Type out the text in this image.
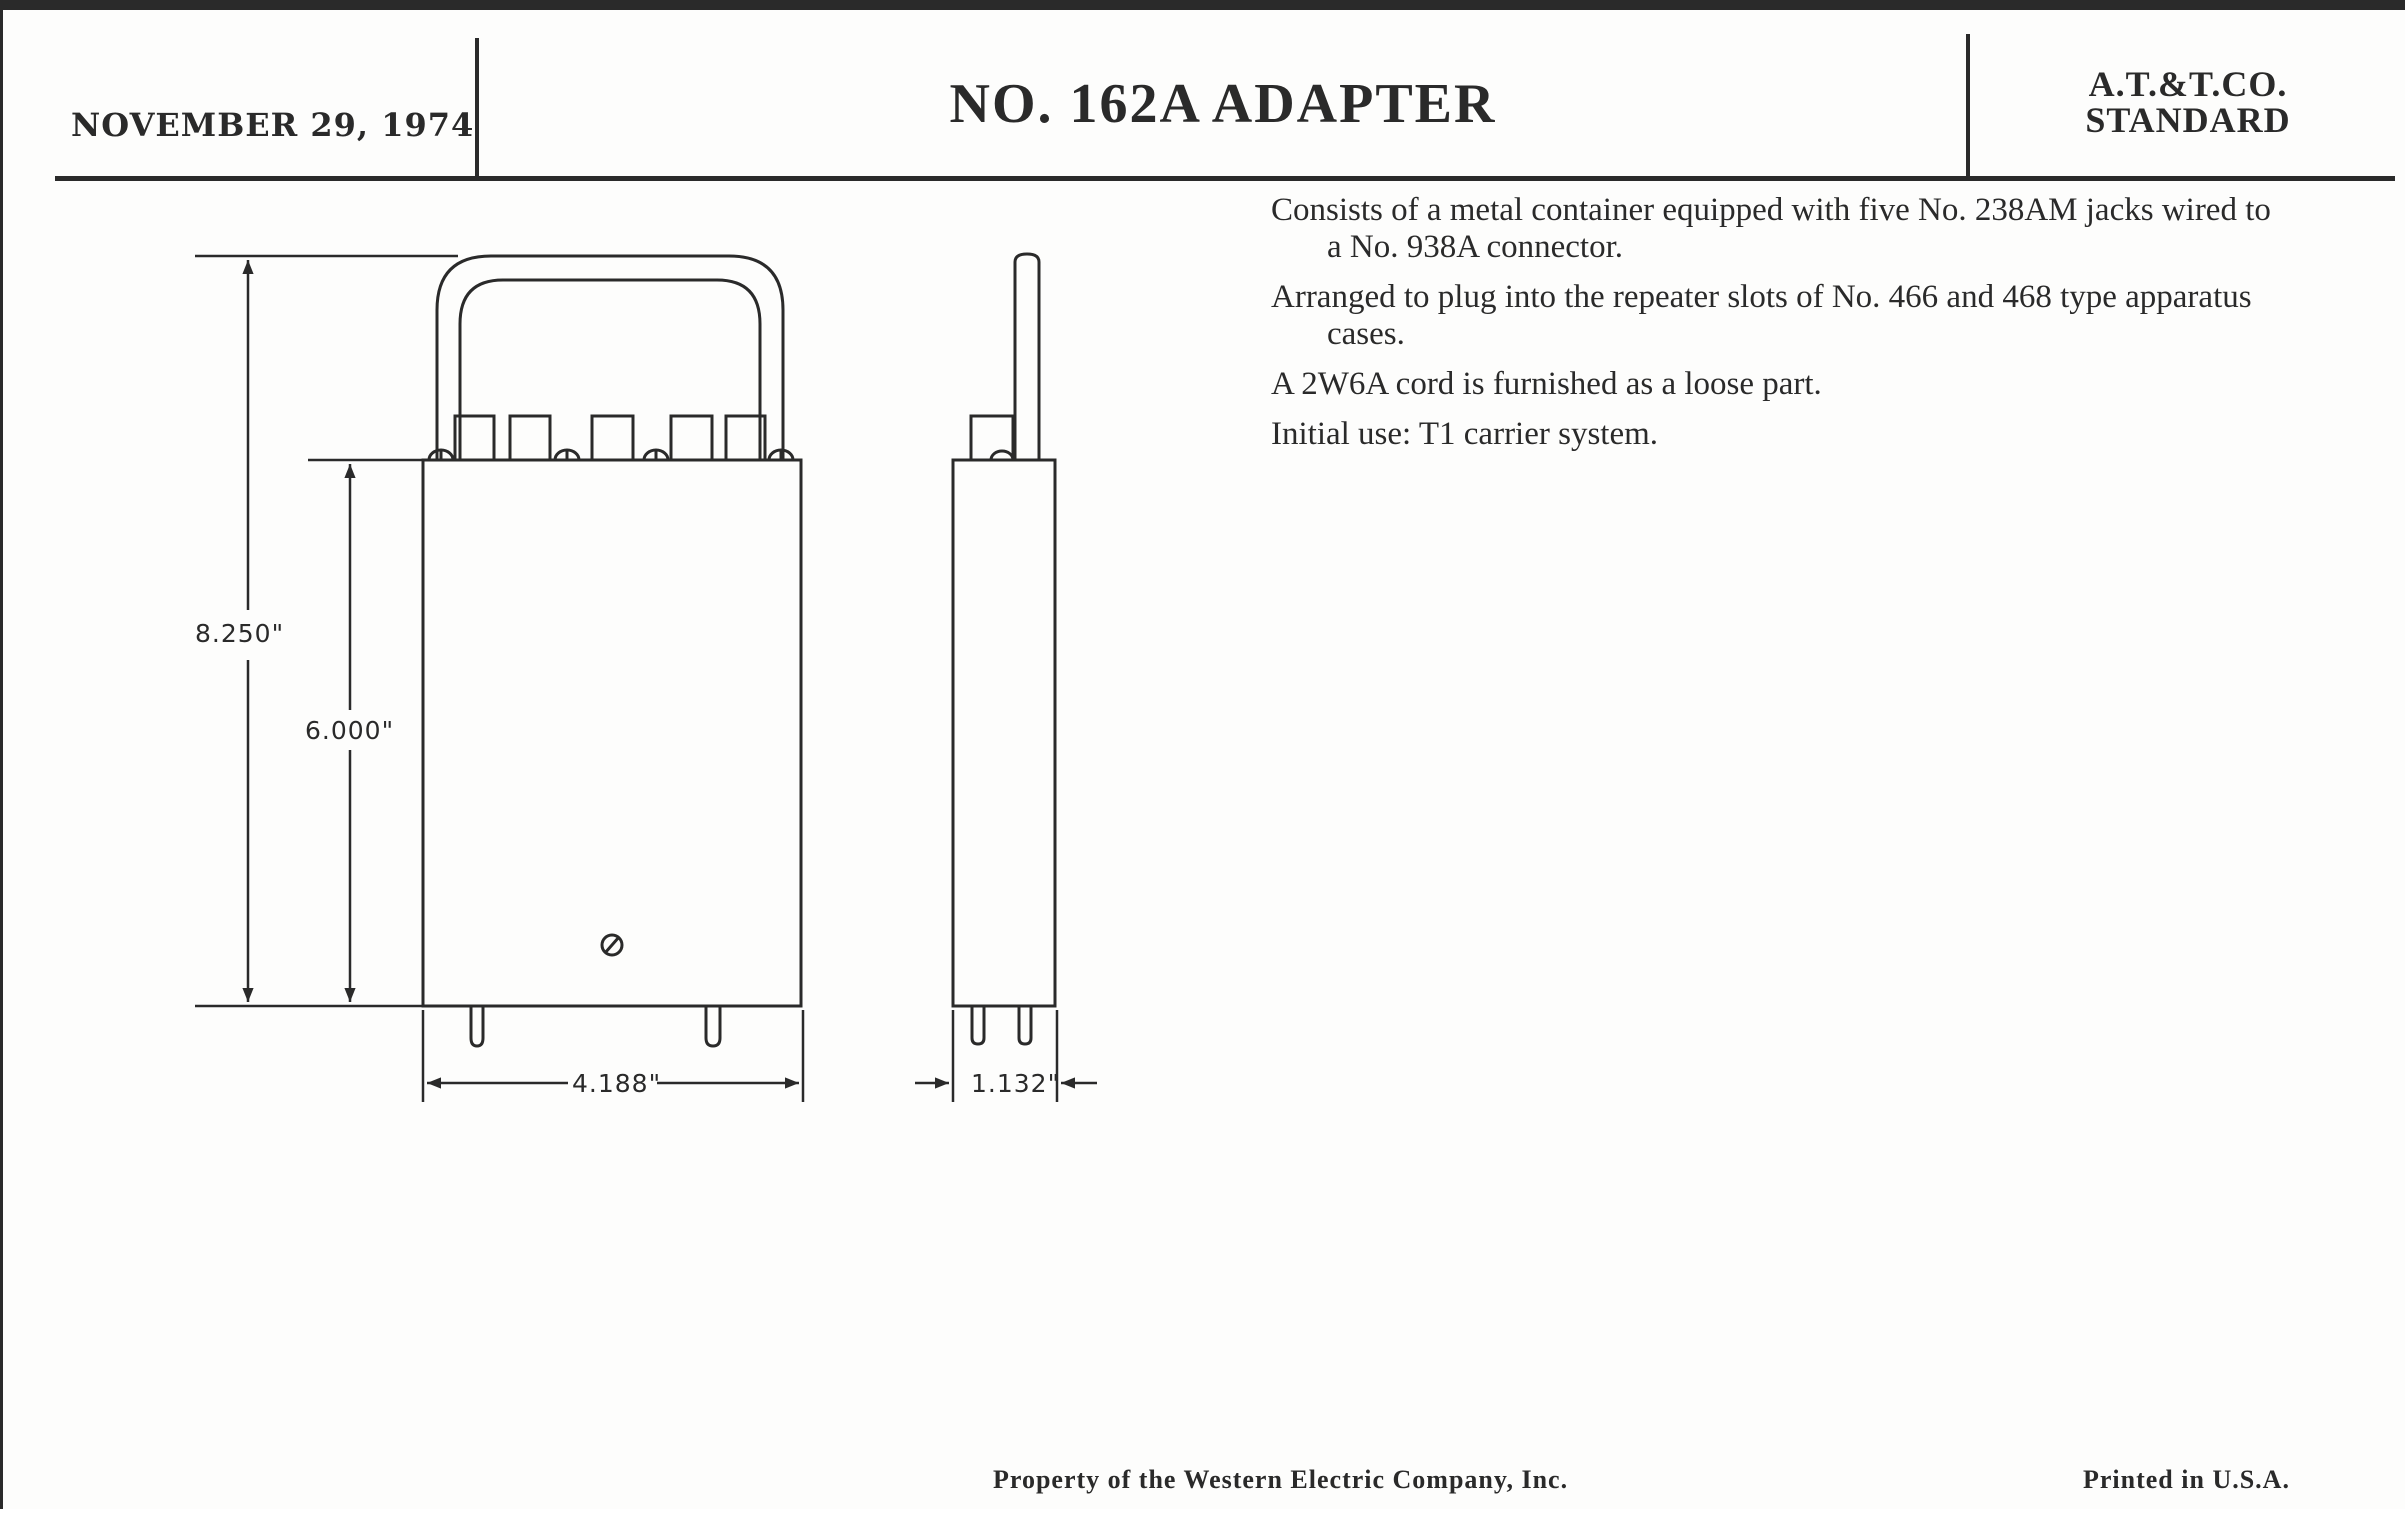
NOVEMBER 29, 1974	NO. 162A ADAPTER	A.T.&T.CO.
STANDARD
Consists of a metal container equipped with five No. 238AM jacks wired to a No. 938A connector.
Arranged to plug into the repeater slots of No. 466 and 468 type apparatus cases.
A 2W6A cord is furnished as a loose part.
Initial use: T1 carrier system.
8.250"
6.000"
4.188"	1.132"
Property of the Western Electric Company, Inc.	Printed in U.S.A.
